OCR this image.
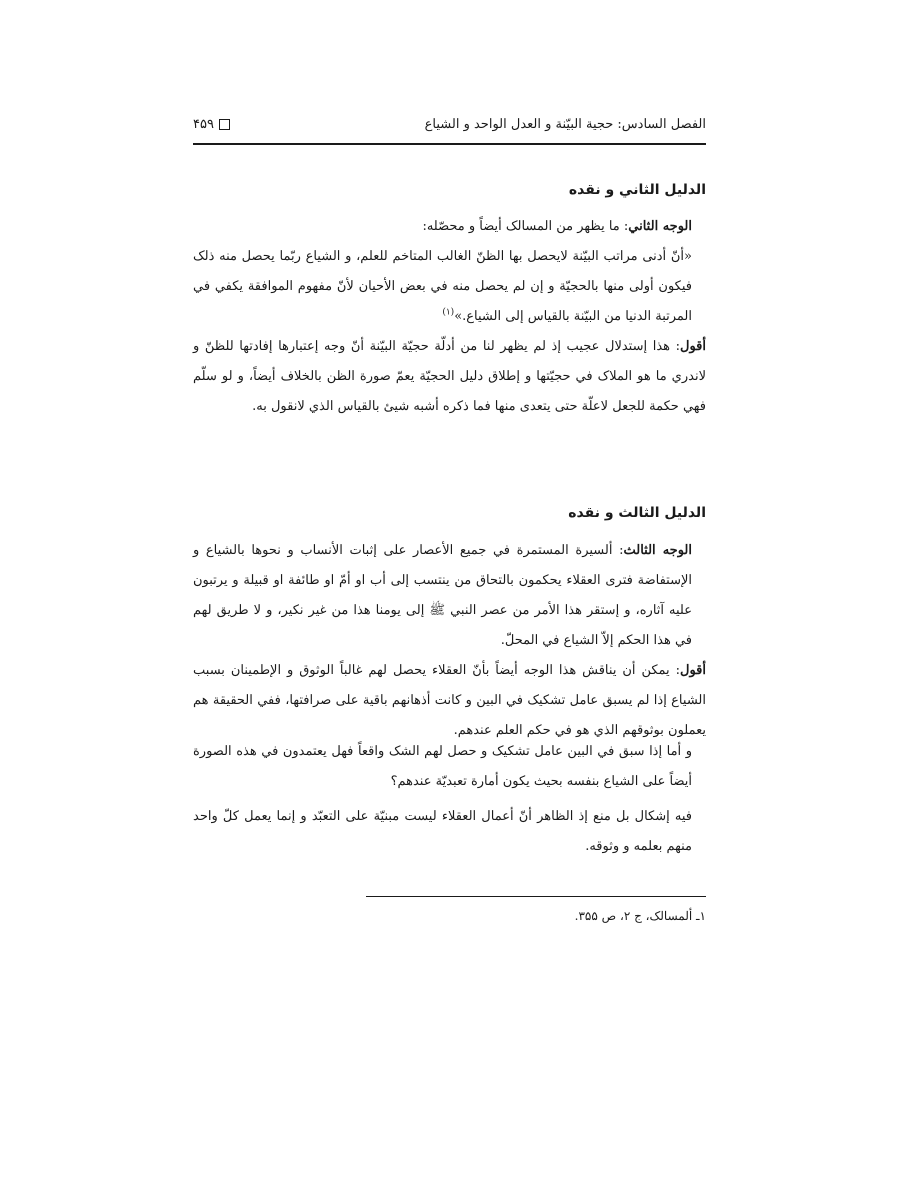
الفصل السادس: حجية البيّنة و العدل الواحد و الشياع
۴۵۹
الدليل الثاني و نقده

الوجه الثاني: ما يظهر من المسالک أيضاً و محصّله:

«أنّ أدنى مراتب البيّنة لايحصل بها الظنّ الغالب المتاخم للعلم، و الشياع ربّما يحصل منه ذلک فيكون أولى منها بالحجيّة و إن لم يحصل منه في بعض الأحيان لأنّ مفهوم الموافقة يكفي في المرتبة الدنيا من البيّنة بالقياس إلى الشياع.»$^{(۱)}$

أقول: هذا إستدلال عجيب إذ لم يظهر لنا من أدلّة حجيّة البيّنة أنّ وجه إعتبارها إفادتها للظنّ و لاندري ما هو الملاک في حجيّتها و إطلاق دليل الحجيّة يعمّ صورة الظن بالخلاف أيضاً، و لو سلّم فهي حكمة للجعل لاعلّة حتى يتعدى منها فما ذكره أشبه شيئ بالقياس الذي لانقول به.

الدليل الثالث و نقده

الوجه الثالث: ألسيرة المستمرة في جميع الأعصار على إثبات الأنساب و نحوها بالشياع و الإستفاضة فترى العقلاء يحكمون بالتحاق من ينتسب إلى أب او أمّ او طائفة او قبيلة و يرتبون عليه آثاره، و إستقر هذا الأمر من عصر النبي ﷺ إلى يومنا هذا من غير نكير، و لا طريق لهم في هذا الحكم إلاّ الشياع في المحلّ.

أقول: يمكن أن يناقش هذا الوجه أيضاً بأنّ العقلاء يحصل لهم غالباً الوثوق و الإطمينان بسبب الشياع إذا لم يسبق عامل تشكيک في البين و كانت أذهانهم باقية على صرافتها، ففي الحقيقة هم يعملون بوثوقهم الذي هو في حكم العلم عندهم.

و أما إذا سبق في البين عامل تشكيک و حصل لهم الشک واقعاً فهل يعتمدون في هذه الصورة أيضاً على الشياع بنفسه بحيث يكون أمارة تعبديّة عندهم؟

فيه إشكال بل منع إذ الظاهر أنّ أعمال العقلاء ليست مبنيّة على التعبّد و إنما يعمل كلّ واحد منهم بعلمه و وثوقه.

۱ـ ألمسالک، ج ۲، ص ۳۵۵.
